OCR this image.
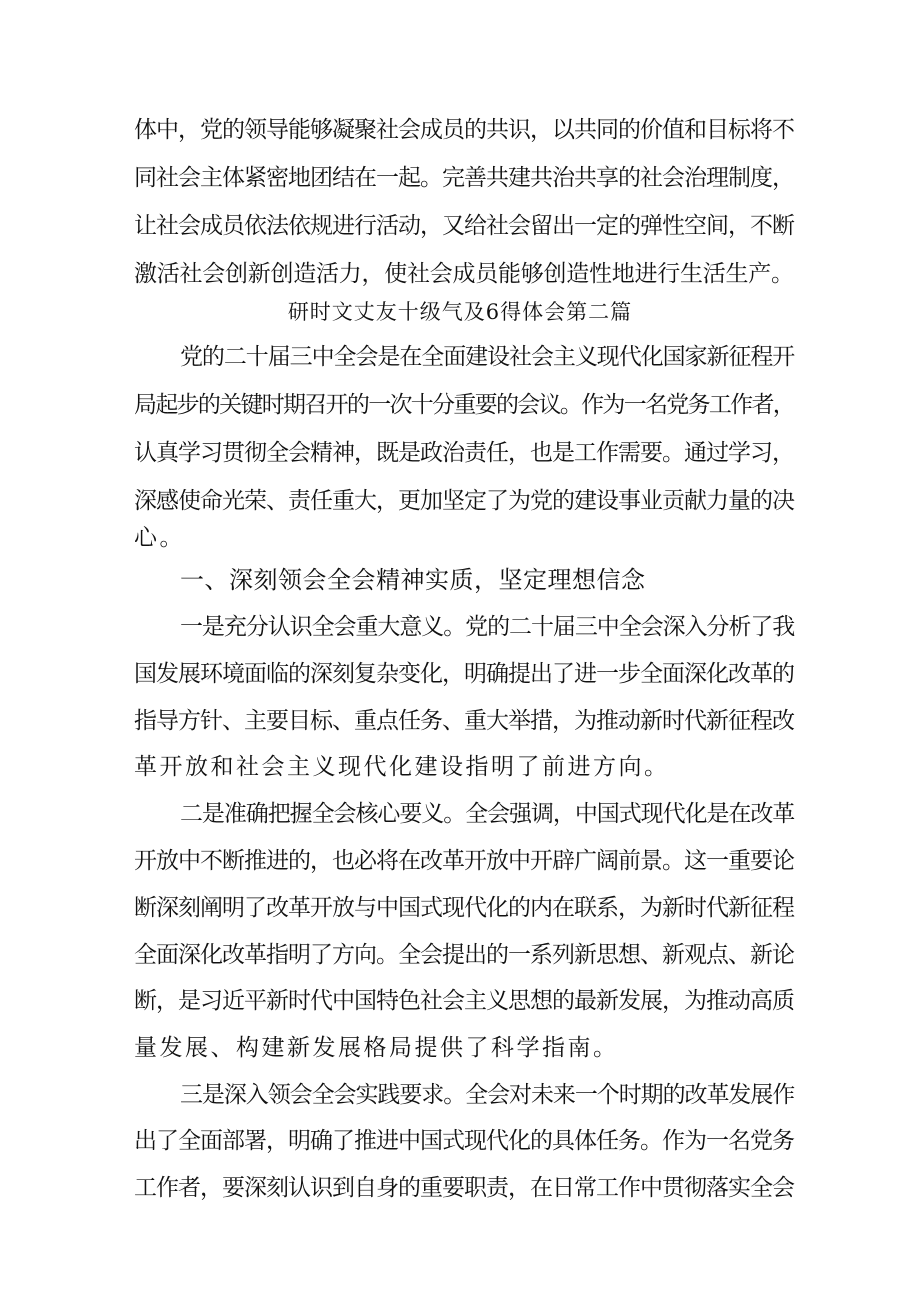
体中，党的领导能够凝聚社会成员的共识，以共同的价值和目标将不
同社会主体紧密地团结在一起。完善共建共治共享的社会治理制度，
让社会成员依法依规进行活动，又给社会留出一定的弹性空间，不断
激活社会创新创造活力，使社会成员能够创造性地进行生活生产。
研时文丈友十级气及6得体会第二篇
党的二十届三中全会是在全面建设社会主义现代化国家新征程开
局起步的关键时期召开的一次十分重要的会议。作为一名党务工作者，
认真学习贯彻全会精神，既是政治责任，也是工作需要。通过学习，
深感使命光荣、责任重大，更加坚定了为党的建设事业贡献力量的决
心。
一、深刻领会全会精神实质，坚定理想信念
一是充分认识全会重大意义。党的二十届三中全会深入分析了我
国发展环境面临的深刻复杂变化，明确提出了进一步全面深化改革的
指导方针、主要目标、重点任务、重大举措，为推动新时代新征程改
革开放和社会主义现代化建设指明了前进方向。
二是准确把握全会核心要义。全会强调，中国式现代化是在改革
开放中不断推进的，也必将在改革开放中开辟广阔前景。这一重要论
断深刻阐明了改革开放与中国式现代化的内在联系，为新时代新征程
全面深化改革指明了方向。全会提出的一系列新思想、新观点、新论
断，是习近平新时代中国特色社会主义思想的最新发展，为推动高质
量发展、构建新发展格局提供了科学指南。
三是深入领会全会实践要求。全会对未来一个时期的改革发展作
出了全面部署，明确了推进中国式现代化的具体任务。作为一名党务
工作者，要深刻认识到自身的重要职责，在日常工作中贯彻落实全会
